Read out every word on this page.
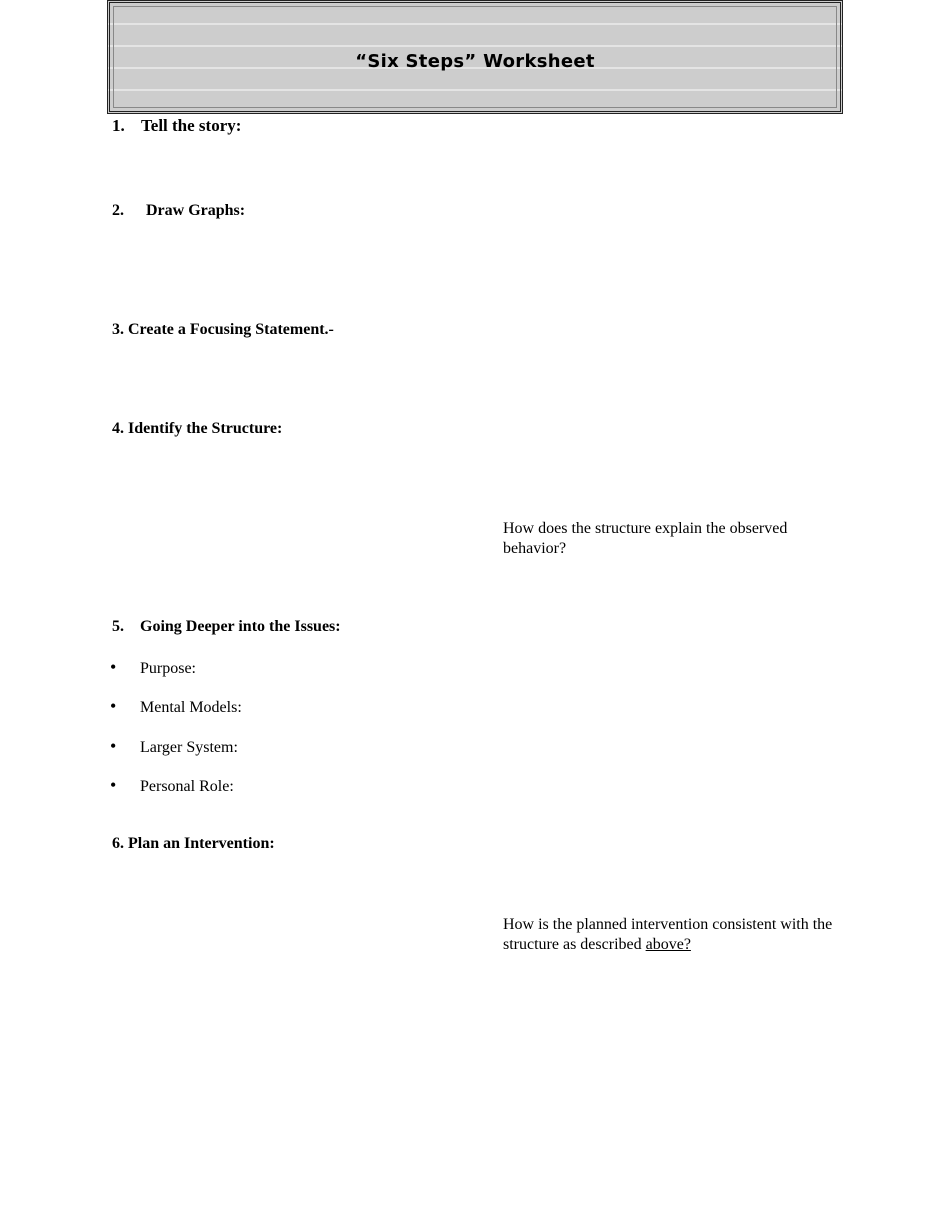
“Six Steps” Worksheet
1. Tell the story:
2. Draw Graphs:
3. Create a Focusing Statement.-
4. Identify the Structure:
How does the structure explain the observed behavior?
5. Going Deeper into the Issues:
• Purpose:
• Mental Models:
• Larger System:
• Personal Role:
6. Plan an Intervention:
How is the planned intervention consistent with the structure as described above?
